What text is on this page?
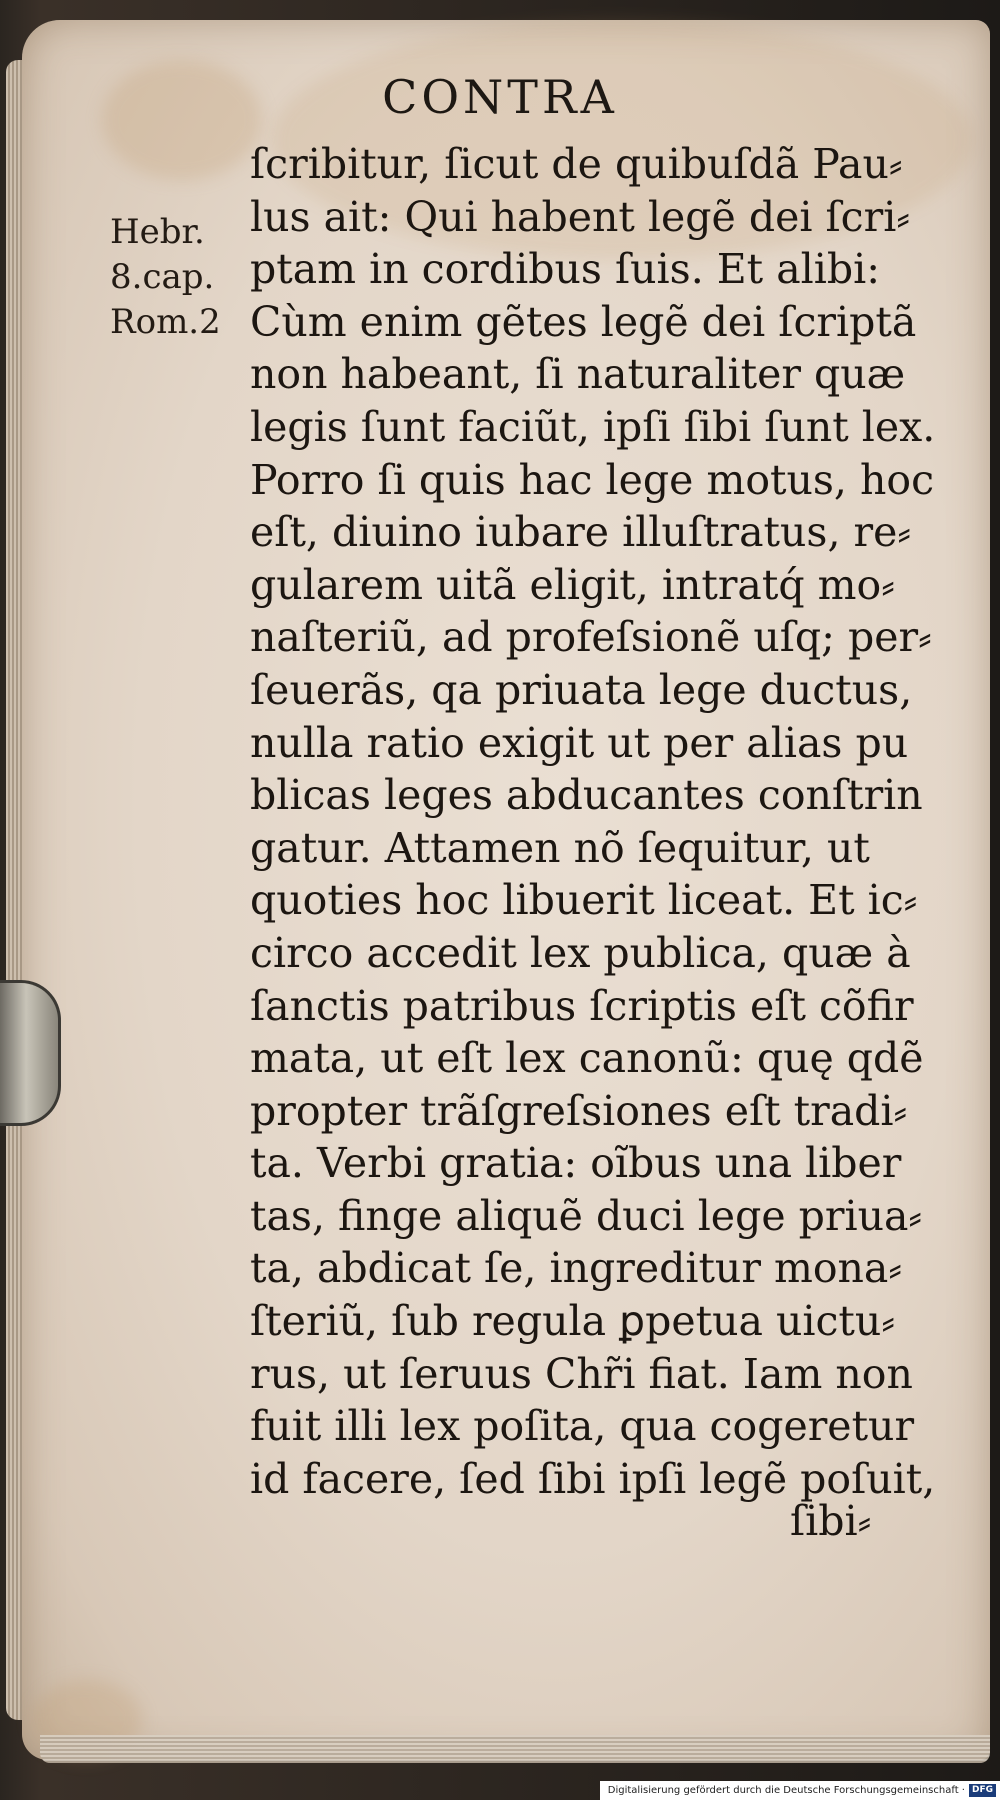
CONTRA
Hebr.
8.cap.
Rom.2
ſcribitur, ſicut de quibuſdã Pau⸗
lus ait: Qui habent legẽ dei ſcri⸗
ptam in cordibus ſuis. Et alibi:
Cùm enim gẽtes legẽ dei ſcriptã
non habeant, ſi naturaliter quæ
legis ſunt faciũt, ipſi ſibi ſunt lex.
Porro ſi quis hac lege motus, hoc
eſt, diuino iubare illuſtratus, re⸗
gularem uitã eligit, intratq́ mo⸗
naſteriũ, ad profeſsionẽ uſq; per⸗
ſeuerãs, qa priuata lege ductus,
nulla ratio exigit ut per alias pu
blicas leges abducantes conſtrin
gatur. Attamen nõ ſequitur, ut
quoties hoc libuerit liceat. Et ic⸗
circo accedit lex publica, quæ à
ſanctis patribus ſcriptis eſt cõfir
mata, ut eſt lex canonũ: quę qdẽ
propter trãſgreſsiones eſt tradi⸗
ta. Verbi gratia: oĩbus una liber
tas, finge aliquẽ duci lege priua⸗
ta, abdicat ſe, ingreditur mona⸗
ſteriũ, ſub regula ꝑpetua uictu⸗
rus, ut ſeruus Chr̃i fiat. Iam non
fuit illi lex poſita, qua cogeretur
id facere, ſed ſibi ipſi legẽ poſuit,
ſibi⸗
Digitalisierung gefördert durch die Deutsche Forschungsgemeinschaft · DFG
